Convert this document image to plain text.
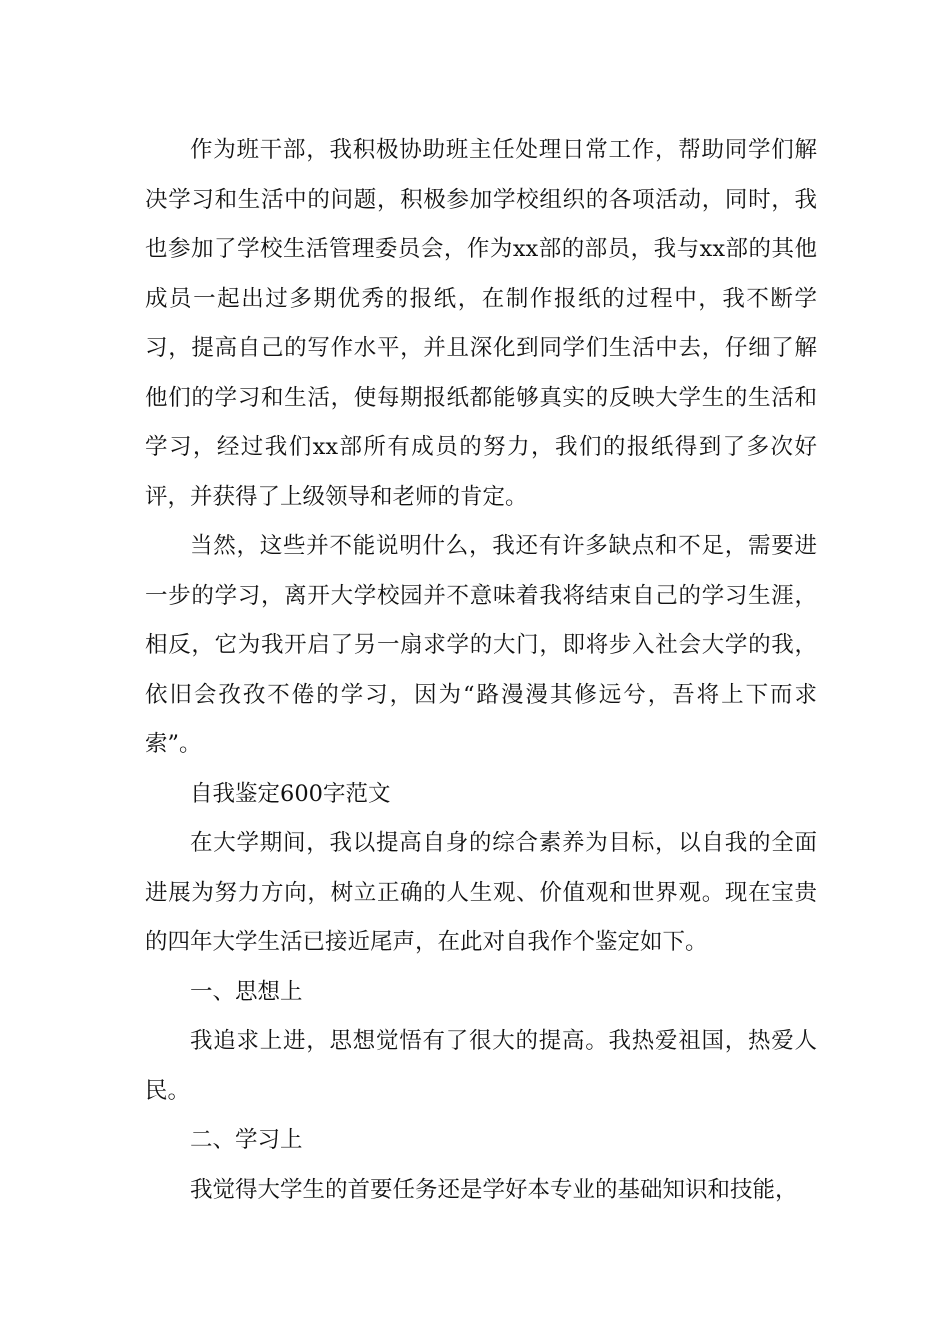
作为班干部，我积极协助班主任处理日常工作，帮助同学们解决学习和生活中的问题，积极参加学校组织的各项活动，同时，我也参加了学校生活管理委员会，作为xx部的部员，我与xx部的其他成员一起出过多期优秀的报纸，在制作报纸的过程中，我不断学习，提高自己的写作水平，并且深化到同学们生活中去，仔细了解他们的学习和生活，使每期报纸都能够真实的反映大学生的生活和学习，经过我们xx部所有成员的努力，我们的报纸得到了多次好评，并获得了上级领导和老师的肯定。

当然，这些并不能说明什么，我还有许多缺点和不足，需要进一步的学习，离开大学校园并不意味着我将结束自己的学习生涯，相反，它为我开启了另一扇求学的大门，即将步入社会大学的我，依旧会孜孜不倦的学习，因为“路漫漫其修远兮，吾将上下而求索”。

自我鉴定600字范文

在大学期间，我以提高自身的综合素养为目标，以自我的全面进展为努力方向，树立正确的人生观、价值观和世界观。现在宝贵的四年大学生活已接近尾声，在此对自我作个鉴定如下。

一、思想上

我追求上进，思想觉悟有了很大的提高。我热爱祖国，热爱人民。

二、学习上

我觉得大学生的首要任务还是学好本专业的基础知识和技能，
